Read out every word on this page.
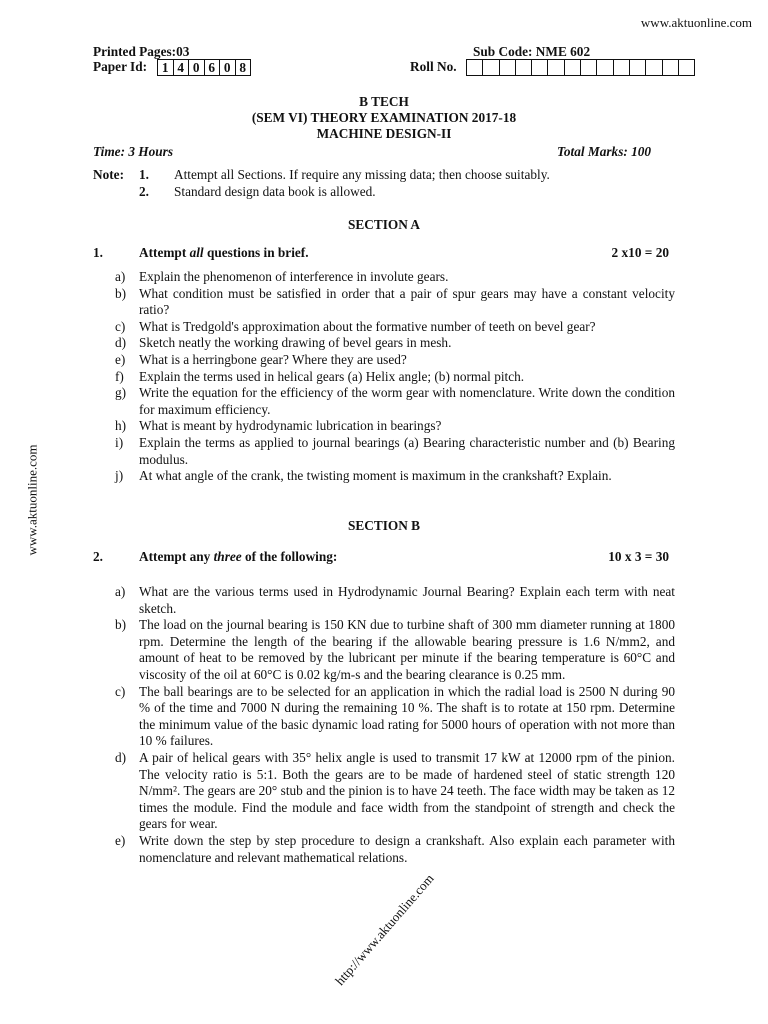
www.aktuonline.com
www.aktuonline.com
http://www.aktuonline.com
Printed Pages:03	Sub Code: NME 602
Paper Id:	1 4 0 6 0 8	Roll No.
B TECH
(SEM VI) THEORY EXAMINATION 2017-18
MACHINE DESIGN-II
Time: 3 Hours	Total Marks: 100
Note:	1.	Attempt all Sections. If require any missing data; then choose suitably.
2.	Standard design data book is allowed.
SECTION A
1.	Attempt all questions in brief.	2 x10 = 20
a)	Explain the phenomenon of interference in involute gears.
b) What condition must be satisfied in order that a pair of spur gears may have a constant velocity ratio?
c)	What is Tredgold's approximation about the formative number of teeth on bevel gear?
d) Sketch neatly the working drawing of bevel gears in mesh.
e)	What is a herringbone gear? Where they are used?
f)	Explain the terms used in helical gears (a) Helix angle; (b) normal pitch.
g) Write the equation for the efficiency of the worm gear with nomenclature. Write down the condition for maximum efficiency.
h) What is meant by hydrodynamic lubrication in bearings?
i)	Explain the terms as applied to journal bearings (a) Bearing characteristic number and (b) Bearing modulus.
j)	At what angle of the crank, the twisting moment is maximum in the crankshaft? Explain.
SECTION B
2.	Attempt any three of the following:	10 x 3 = 30
a)	What are the various terms used in Hydrodynamic Journal Bearing? Explain each term with neat sketch.
b) The load on the journal bearing is 150 KN due to turbine shaft of 300 mm diameter running at 1800 rpm. Determine the length of the bearing if the allowable bearing pressure is 1.6 N/mm2, and amount of heat to be removed by the lubricant per minute if the bearing temperature is 60°C and viscosity of the oil at 60°C is 0.02 kg/m-s and the bearing clearance is 0.25 mm.
c)	The ball bearings are to be selected for an application in which the radial load is 2500 N during 90 % of the time and 7000 N during the remaining 10 %. The shaft is to rotate at 150 rpm. Determine the minimum value of the basic dynamic load rating for 5000 hours of operation with not more than 10 % failures.
d) A pair of helical gears with 35° helix angle is used to transmit 17 kW at 12000 rpm of the pinion. The velocity ratio is 5:1. Both the gears are to be made of hardened steel of static strength 120 N/mm². The gears are 20° stub and the pinion is to have 24 teeth. The face width may be taken as 12 times the module. Find the module and face width from the standpoint of strength and check the gears for wear.
e)	Write down the step by step procedure to design a crankshaft. Also explain each parameter with nomenclature and relevant mathematical relations.
